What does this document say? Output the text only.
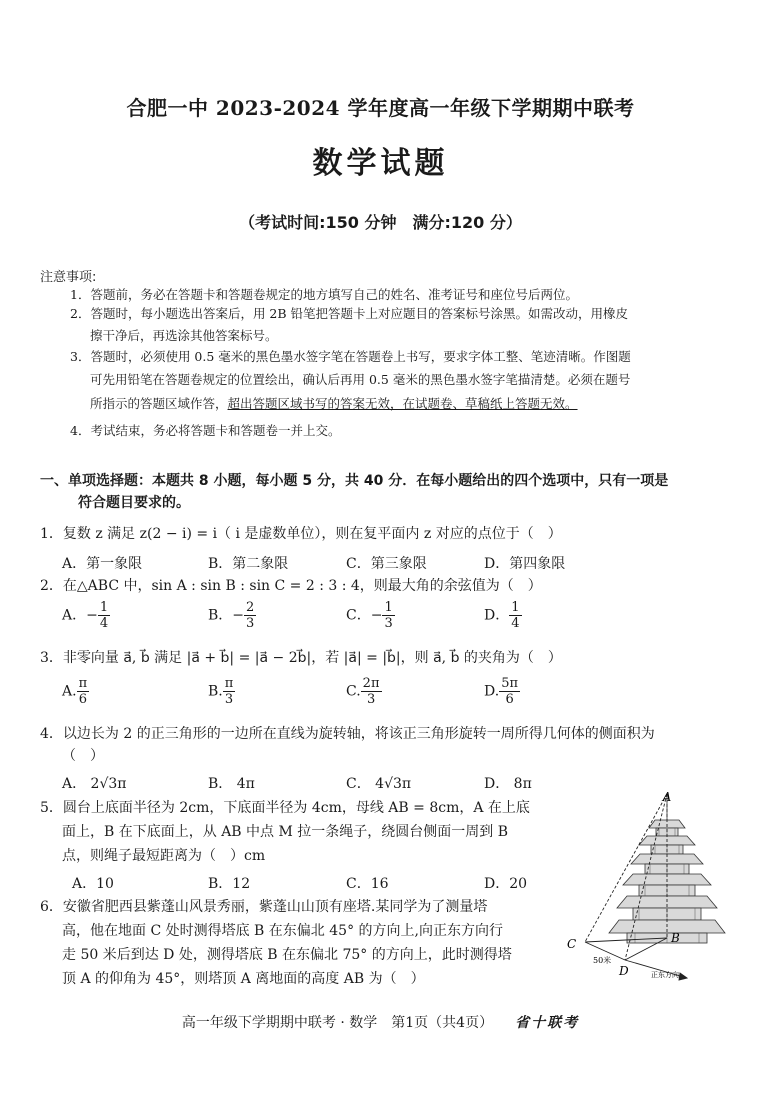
合肥一中 2023-2024 学年度高一年级下学期期中联考
数学试题
（考试时间:150 分钟　满分:120 分）
注意事项:
1．答题前，务必在答题卡和答题卷规定的地方填写自己的姓名、准考证号和座位号后两位。
2．答题时，每小题选出答案后，用 2B 铅笔把答题卡上对应题目的答案标号涂黑。如需改动，用橡皮
擦干净后，再选涂其他答案标号。
3．答题时，必须使用 0.5 毫米的黑色墨水签字笔在答题卷上书写，要求字体工整、笔迹清晰。作图题
可先用铅笔在答题卷规定的位置绘出，确认后再用 0.5 毫米的黑色墨水签字笔描清楚。必须在题号
所指示的答题区域作答，超出答题区域书写的答案无效，在试题卷、草稿纸上答题无效。
4．考试结束，务必将答题卡和答题卷一并上交。
一、单项选择题：本题共 8 小题，每小题 5 分，共 40 分．在每小题给出的四个选项中，只有一项是
符合题目要求的。
1．复数 z 满足 z(2 − i) = i（ i 是虚数单位），则在复平面内 z 对应的点位于（　）
A．第一象限	B．第二象限	C．第三象限	D．第四象限
2．在△ABC 中，sin A : sin B : sin C = 2 : 3 : 4，则最大角的余弦值为（　）
A．− $\frac{1}{4}$	B．− $\frac{2}{3}$	C．− $\frac{1}{3}$	D． $\frac{1}{4}$
3．非零向量 a⃗, b⃗ 满足 |a⃗ + b⃗| = |a⃗ − 2b⃗|，若 |a⃗| = |b⃗|，则 a⃗, b⃗ 的夹角为（　）
A. $\frac{\pi}{6}$	B. $\frac{\pi}{3}$	C. $\frac{2\pi}{3}$	D. $\frac{5\pi}{6}$
4．以边长为 2 的正三角形的一边所在直线为旋转轴，将该正三角形旋转一周所得几何体的侧面积为
（　）
A． 2√3π	B． 4π	C． 4√3π	D． 8π
5．圆台上底面半径为 2cm，下底面半径为 4cm，母线 AB = 8cm，A 在上底
面上，B 在下底面上，从 AB 中点 M 拉一条绳子，绕圆台侧面一周到 B
点，则绳子最短距离为（　）cm
A．10	B．12	C．16	D．20
6．安徽省肥西县紫蓬山风景秀丽，紫蓬山山顶有座塔.某同学为了测量塔
高，他在地面 C 处时测得塔底 B 在东偏北 45° 的方向上,向正东方向行
走 50 米后到达 D 处，测得塔底 B 在东偏北 75° 的方向上，此时测得塔
顶 A 的仰角为 45°，则塔顶 A 离地面的高度 AB 为（　）
A
B
C
D
50米
正东方向
高一年级下学期期中联考 · 数学　第1页（共4页） 省十联考
